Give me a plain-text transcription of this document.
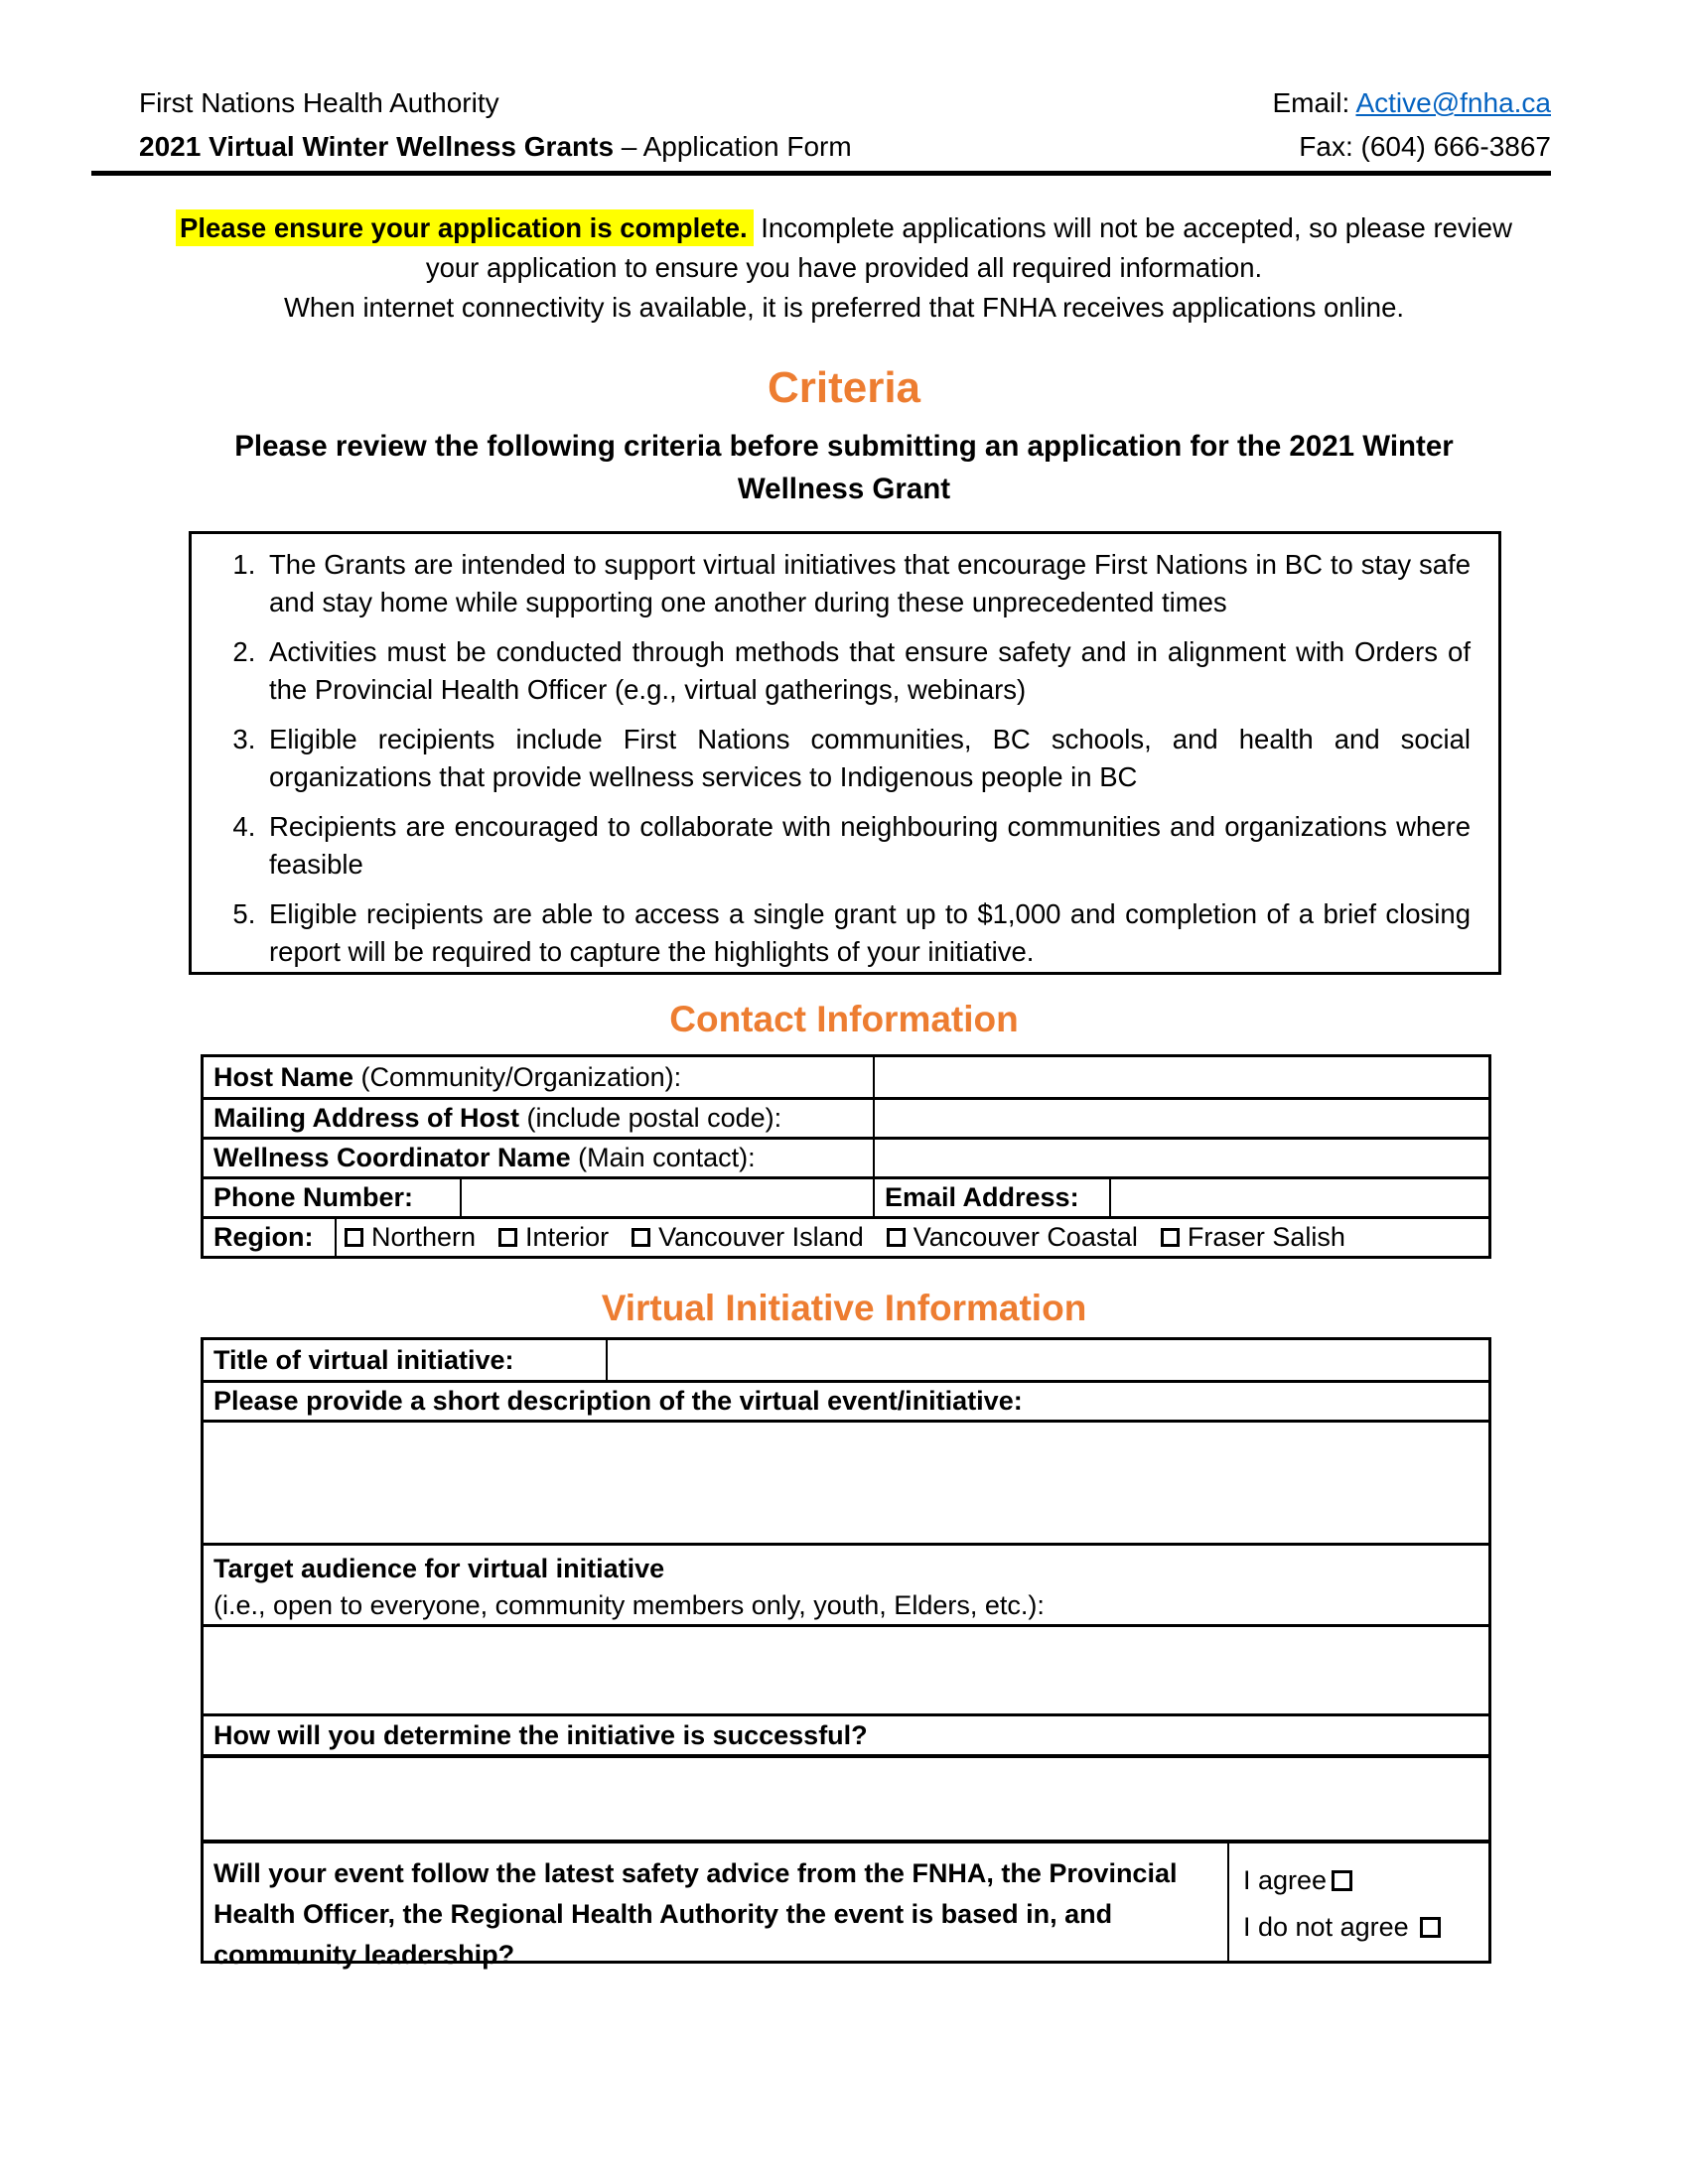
First Nations Health Authority
2021 Virtual Winter Wellness Grants – Application Form
Email: Active@fnha.ca
Fax: (604) 666-3867
Please ensure your application is complete. Incomplete applications will not be accepted, so please review your application to ensure you have provided all required information.
When internet connectivity is available, it is preferred that FNHA receives applications online.
Criteria
Please review the following criteria before submitting an application for the 2021 Winter Wellness Grant
1. The Grants are intended to support virtual initiatives that encourage First Nations in BC to stay safe and stay home while supporting one another during these unprecedented times
2. Activities must be conducted through methods that ensure safety and in alignment with Orders of the Provincial Health Officer (e.g., virtual gatherings, webinars)
3. Eligible recipients include First Nations communities, BC schools, and health and social organizations that provide wellness services to Indigenous people in BC
4. Recipients are encouraged to collaborate with neighbouring communities and organizations where feasible
5. Eligible recipients are able to access a single grant up to $1,000 and completion of a brief closing report will be required to capture the highlights of your initiative.
Contact Information
Host Name (Community/Organization):
Mailing Address of Host (include postal code):
Wellness Coordinator Name (Main contact):
Phone Number:	Email Address:
Region: Northern Interior Vancouver Island Vancouver Coastal Fraser Salish
Virtual Initiative Information
Title of virtual initiative:
Please provide a short description of the virtual event/initiative:
Target audience for virtual initiative
(i.e., open to everyone, community members only, youth, Elders, etc.):
How will you determine the initiative is successful?
Will your event follow the latest safety advice from the FNHA, the Provincial Health Officer, the Regional Health Authority the event is based in, and community leadership?
I agree
I do not agree
